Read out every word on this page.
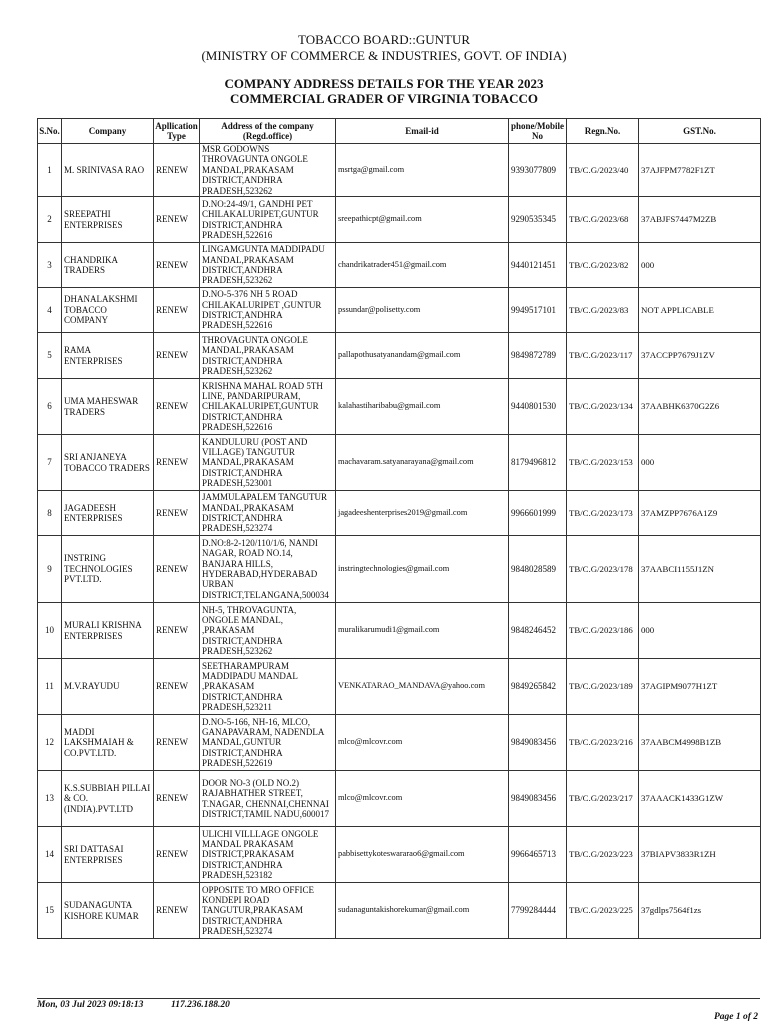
TOBACCO BOARD::GUNTUR
(MINISTRY OF COMMERCE & INDUSTRIES, GOVT. OF INDIA)
COMPANY ADDRESS DETAILS FOR THE YEAR 2023
COMMERCIAL GRADER OF VIRGINIA TOBACCO
S.No.	Company	Apllication Type	Address of the company (Regd.office)	Email-id	phone/Mobile No	Regn.No.	GST.No.
1	M. SRINIVASA RAO	RENEW	MSR GODOWNS THROVAGUNTA ONGOLE MANDAL,PRAKASAM DISTRICT,ANDHRA PRADESH,523262	msrtga@gmail.com	9393077809	TB/C.G/2023/40	37AJFPM7782F1ZT
2	SREEPATHI ENTERPRISES	RENEW	D.NO:24-49/1, GANDHI PET CHILAKALURIPET,GUNTUR DISTRICT,ANDHRA PRADESH,522616	sreepathicpt@gmail.com	9290535345	TB/C.G/2023/68	37ABJFS7447M2ZB
3	CHANDRIKA TRADERS	RENEW	LINGAMGUNTA MADDIPADU MANDAL,PRAKASAM DISTRICT,ANDHRA PRADESH,523262	chandrikatrader451@gmail.com	9440121451	TB/C.G/2023/82	000
4	DHANALAKSHMI TOBACCO COMPANY	RENEW	D.NO-5-376 NH 5 ROAD CHILAKALURIPET ,GUNTUR DISTRICT,ANDHRA PRADESH,522616	pssundar@polisetty.com	9949517101	TB/C.G/2023/83	NOT APPLICABLE
5	RAMA ENTERPRISES	RENEW	THROVAGUNTA ONGOLE MANDAL,PRAKASAM DISTRICT,ANDHRA PRADESH,523262	pallapothusatyanandam@gmail.com	9849872789	TB/C.G/2023/117	37ACCPP7679J1ZV
6	UMA MAHESWAR TRADERS	RENEW	KRISHNA MAHAL ROAD 5TH LINE, PANDARIPURAM, CHILAKALURIPET,GUNTUR DISTRICT,ANDHRA PRADESH,522616	kalahastiharibabu@gmail.com	9440801530	TB/C.G/2023/134	37AABHK6370G2Z6
7	SRI ANJANEYA TOBACCO TRADERS	RENEW	KANDULURU (POST AND VILLAGE) TANGUTUR MANDAL,PRAKASAM DISTRICT,ANDHRA PRADESH,523001	machavaram.satyanarayana@gmail.com	8179496812	TB/C.G/2023/153	000
8	JAGADEESH ENTERPRISES	RENEW	JAMMULAPALEM TANGUTUR MANDAL,PRAKASAM DISTRICT,ANDHRA PRADESH,523274	jagadeeshenterprises2019@gmail.com	9966601999	TB/C.G/2023/173	37AMZPP7676A1Z9
9	INSTRING TECHNOLOGIES PVT.LTD.	RENEW	D.NO:8-2-120/110/1/6, NANDI NAGAR, ROAD NO.14, BANJARA HILLS, HYDERABAD,HYDERABAD URBAN DISTRICT,TELANGANA,500034	instringtechnologies@gmail.com	9848028589	TB/C.G/2023/178	37AABCI1155J1ZN
10	MURALI KRISHNA ENTERPRISES	RENEW	NH-5, THROVAGUNTA, ONGOLE MANDAL, ,PRAKASAM DISTRICT,ANDHRA PRADESH,523262	muralikarumudi1@gmail.com	9848246452	TB/C.G/2023/186	000
11	M.V.RAYUDU	RENEW	SEETHARAMPURAM MADDIPADU MANDAL ,PRAKASAM DISTRICT,ANDHRA PRADESH,523211	VENKATARAO_MANDAVA@yahoo.com	9849265842	TB/C.G/2023/189	37AGIPM9077H1ZT
12	MADDI LAKSHMAIAH & CO.PVT.LTD.	RENEW	D.NO-5-166, NH-16, MLCO, GANAPAVARAM, NADENDLA MANDAL,GUNTUR DISTRICT,ANDHRA PRADESH,522619	mlco@mlcovr.com	9849083456	TB/C.G/2023/216	37AABCM4998B1ZB
13	K.S.SUBBIAH PILLAI & CO.(INDIA).PVT.LTD	RENEW	DOOR NO-3 (OLD NO.2) RAJABHATHER STREET, T.NAGAR, CHENNAI,CHENNAI DISTRICT,TAMIL NADU,600017	mlco@mlcovr.com	9849083456	TB/C.G/2023/217	37AAACK1433G1ZW
14	SRI DATTASAI ENTERPRISES	RENEW	ULICHI VILLLAGE ONGOLE MANDAL PRAKASAM DISTRICT,PRAKASAM DISTRICT,ANDHRA PRADESH,523182	pabbisettykoteswararao6@gmail.com	9966465713	TB/C.G/2023/223	37BIAPV3833R1ZH
15	SUDANAGUNTA KISHORE KUMAR	RENEW	OPPOSITE TO MRO OFFICE KONDEPI ROAD TANGUTUR,PRAKASAM DISTRICT,ANDHRA PRADESH,523274	sudanaguntakishorekumar@gmail.com	7799284444	TB/C.G/2023/225	37gdlps7564f1zs
Mon, 03 Jul 2023 09:18:13	117.236.188.20
Page 1 of 2
